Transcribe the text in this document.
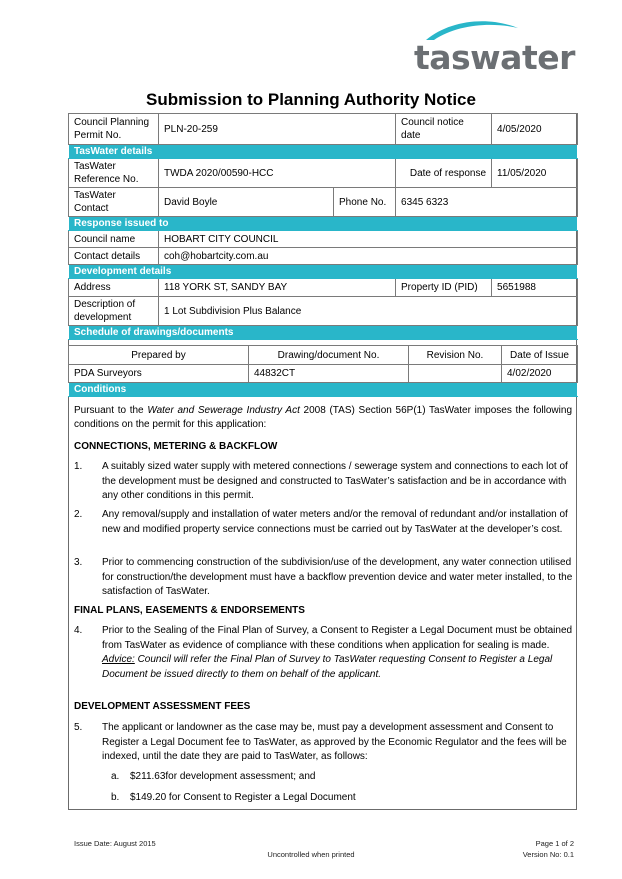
taswater
Submission to Planning Authority Notice
Council Planning Permit No.	PLN-20-259		Council notice date	4/05/2020
TasWater details				
TasWater Reference No.	TWDA 2020/00590-HCC		Date of response	11/05/2020
TasWater Contact	David Boyle	Phone No.	6345 6323	
Response issued to				
Council name	HOBART CITY COUNCIL			
Contact details	coh@hobartcity.com.au			
Development details				
Address	118 YORK ST, SANDY BAY		Property ID (PID)	5651988
Description of development	1 Lot Subdivision Plus Balance			
Schedule of drawings/documents				
Prepared by	Drawing/document No.	Revision No.	Date of Issue
PDA Surveyors	44832CT		4/02/2020
Conditions			

Pursuant to the Water and Sewerage Industry Act 2008 (TAS) Section 56P(1) TasWater imposes the following conditions on the permit for this application:

CONNECTIONS, METERING & BACKFLOW
1. A suitably sized water supply with metered connections / sewerage system and connections to each lot of the development must be designed and constructed to TasWater’s satisfaction and be in accordance with any other conditions in this permit.
2. Any removal/supply and installation of water meters and/or the removal of redundant and/or installation of new and modified property service connections must be carried out by TasWater at the developer’s cost.
3. Prior to commencing construction of the subdivision/use of the development, any water connection utilised for construction/the development must have a backflow prevention device and water meter installed, to the satisfaction of TasWater.
FINAL PLANS, EASEMENTS & ENDORSEMENTS
4. Prior to the Sealing of the Final Plan of Survey, a Consent to Register a Legal Document must be obtained from TasWater as evidence of compliance with these conditions when application for sealing is made.
Advice: Council will refer the Final Plan of Survey to TasWater requesting Consent to Register a Legal Document be issued directly to them on behalf of the applicant.
DEVELOPMENT ASSESSMENT FEES
5. The applicant or landowner as the case may be, must pay a development assessment and Consent to Register a Legal Document fee to TasWater, as approved by the Economic Regulator and the fees will be indexed, until the date they are paid to TasWater, as follows:
a. $211.63for development assessment; and
b. $149.20 for Consent to Register a Legal Document
Issue Date: August 2015
Uncontrolled when printed
Page 1 of 2
Version No: 0.1
